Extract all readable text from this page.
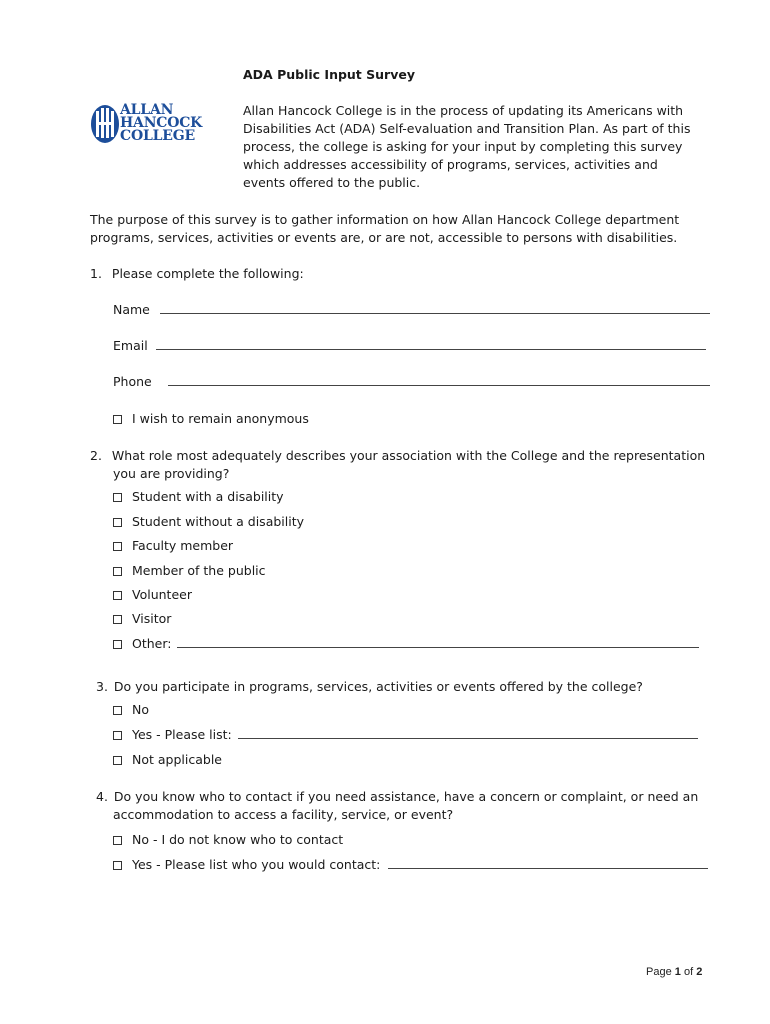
ADA Public Input Survey
ALLAN
HANCOCK
COLLEGE
Allan Hancock College is in the process of updating its Americans with
Disabilities Act (ADA) Self-evaluation and Transition Plan. As part of this
process, the college is asking for your input by completing this survey
which addresses accessibility of programs, services, activities and
events offered to the public.
The purpose of this survey is to gather information on how Allan Hancock College department
programs, services, activities or events are, or are not, accessible to persons with disabilities.
1. Please complete the following:
Name
Email
Phone
I wish to remain anonymous
2. What role most adequately describes your association with the College and the representation
you are providing?
Student with a disability
Student without a disability
Faculty member
Member of the public
Volunteer
Visitor
Other:
3. Do you participate in programs, services, activities or events offered by the college?
No
Yes - Please list:
Not applicable
4. Do you know who to contact if you need assistance, have a concern or complaint, or need an
accommodation to access a facility, service, or event?
No - I do not know who to contact
Yes - Please list who you would contact:
Page 1 of 2
